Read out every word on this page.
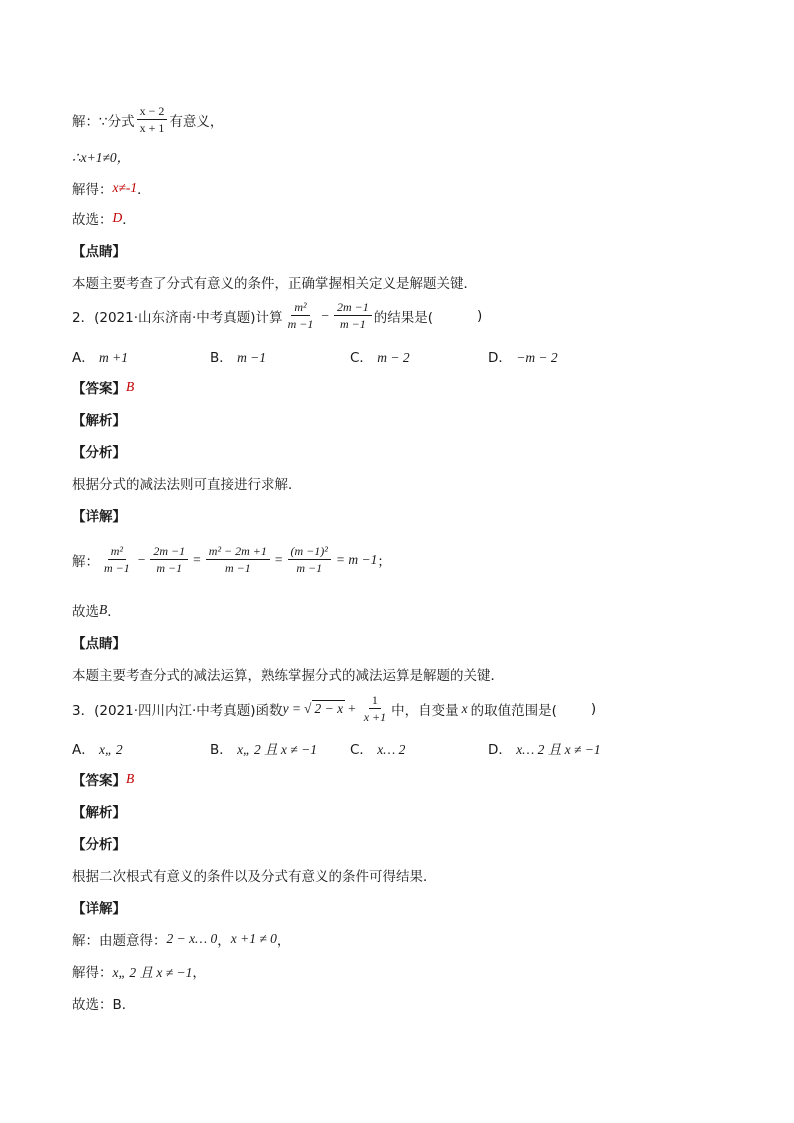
解：∵分式 $\frac{x - 2}{x + 1}$ 有意义，
∴x+1≠0，
解得： x≠-1 ．
故选： D ．
【点睛】
本题主要考查了分式有意义的条件，正确掌握相关定义是解题关键．
2．(2021·山东济南·中考真题)计算 $\frac{\text{m²}}{m -1} - \frac{2m -1}{m -1}$ 的结果是(	)
A． m +1	B． m −1	C． m − 2	D． −m − 2
【答案】 B
【解析】
【分析】
根据分式的减法法则可直接进行求解．
【详解】
解： $\frac{\text{m²}}{m -1} - \frac{2m -1}{m -1} = \frac{\text{m² − 2m +1}}{m -1} = \frac{\text{(m −1)²}}{m -1} = m -1$ ；
故选 B ．
【点睛】
本题主要考查分式的减法运算，熟练掌握分式的减法运算是解题的关键．
3．(2021·四川内江·中考真题)函数 y = √ $2 - x + \frac{1}{x +1}$ 中，自变量 x 的取值范围是(	)
A． x„ 2	B． x„ 2 且 x ≠ −1 C． x… 2	D． x… 2 且 x ≠ −1
【答案】 B
【解析】
【分析】
根据二次根式有意义的条件以及分式有意义的条件可得结果．
【详解】
解：由题意得： 2 − x… 0 ， x +1 ≠ 0 ，
解得： x„ 2 且 x ≠ −1 ，
故选：B．
